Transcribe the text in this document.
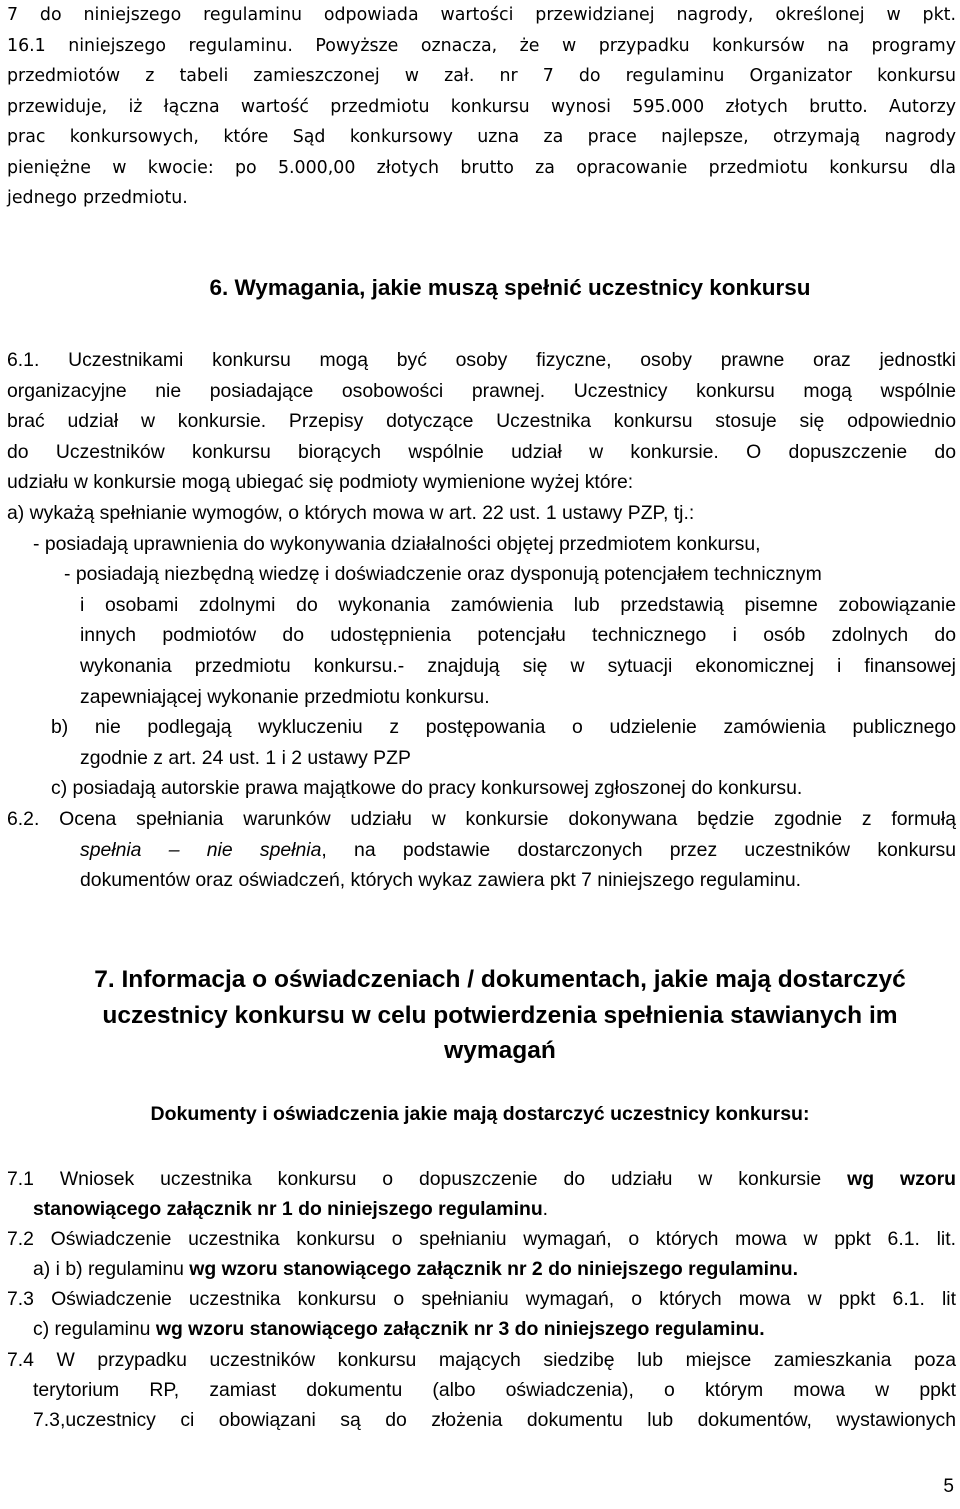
7 do niniejszego regulaminu odpowiada wartości przewidzianej nagrody, określonej w pkt.
16.1 niniejszego regulaminu. Powyższe oznacza, że w przypadku konkursów na programy
przedmiotów z tabeli zamieszczonej w zał. nr 7 do regulaminu Organizator konkursu
przewiduje, iż łączna wartość przedmiotu konkursu wynosi 595.000 złotych brutto. Autorzy
prac konkursowych, które Sąd konkursowy uzna za prace najlepsze, otrzymają nagrody
pieniężne w kwocie: po 5.000,00 złotych brutto za opracowanie przedmiotu konkursu dla
jednego przedmiotu.
6. Wymagania, jakie muszą spełnić uczestnicy konkursu
6.1. Uczestnikami konkursu mogą być osoby fizyczne, osoby prawne oraz jednostki
organizacyjne nie posiadające osobowości prawnej. Uczestnicy konkursu mogą wspólnie
brać udział w konkursie. Przepisy dotyczące Uczestnika konkursu stosuje się odpowiednio
do Uczestników konkursu biorących wspólnie udział w konkursie. O dopuszczenie do
udziału w konkursie mogą ubiegać się podmioty wymienione wyżej które:
a) wykażą spełnianie wymogów, o których mowa w art. 22 ust. 1 ustawy PZP, tj.:
- posiadają uprawnienia do wykonywania działalności objętej przedmiotem konkursu,
- posiadają niezbędną wiedzę i doświadczenie oraz dysponują potencjałem technicznym
i osobami zdolnymi do wykonania zamówienia lub przedstawią pisemne zobowiązanie
innych podmiotów do udostępnienia potencjału technicznego i osób zdolnych do
wykonania przedmiotu konkursu.- znajdują się w sytuacji ekonomicznej i finansowej
zapewniającej wykonanie przedmiotu konkursu.
b) nie podlegają wykluczeniu z postępowania o udzielenie zamówienia publicznego
zgodnie z art. 24 ust. 1 i 2 ustawy PZP
c) posiadają autorskie prawa majątkowe do pracy konkursowej zgłoszonej do konkursu.
6.2. Ocena spełniania warunków udziału w konkursie dokonywana będzie zgodnie z formułą
spełnia – nie spełnia, na podstawie dostarczonych przez uczestników konkursu
dokumentów oraz oświadczeń, których wykaz zawiera pkt 7 niniejszego regulaminu.
7. Informacja o oświadczeniach / dokumentach, jakie mają dostarczyć
uczestnicy konkursu w celu potwierdzenia spełnienia stawianych im
wymagań
Dokumenty i oświadczenia jakie mają dostarczyć uczestnicy konkursu:
7.1 Wniosek uczestnika konkursu o dopuszczenie do udziału w konkursie wg wzoru
stanowiącego załącznik nr 1 do niniejszego regulaminu.
7.2 Oświadczenie uczestnika konkursu o spełnianiu wymagań, o których mowa w ppkt 6.1. lit.
a) i b) regulaminu wg wzoru stanowiącego załącznik nr 2 do niniejszego regulaminu.
7.3 Oświadczenie uczestnika konkursu o spełnianiu wymagań, o których mowa w ppkt 6.1. lit
c) regulaminu wg wzoru stanowiącego załącznik nr 3 do niniejszego regulaminu.
7.4 W przypadku uczestników konkursu mających siedzibę lub miejsce zamieszkania poza
terytorium RP, zamiast dokumentu (albo oświadczenia), o którym mowa w ppkt
7.3,uczestnicy ci obowiązani są do złożenia dokumentu lub dokumentów, wystawionych
5
